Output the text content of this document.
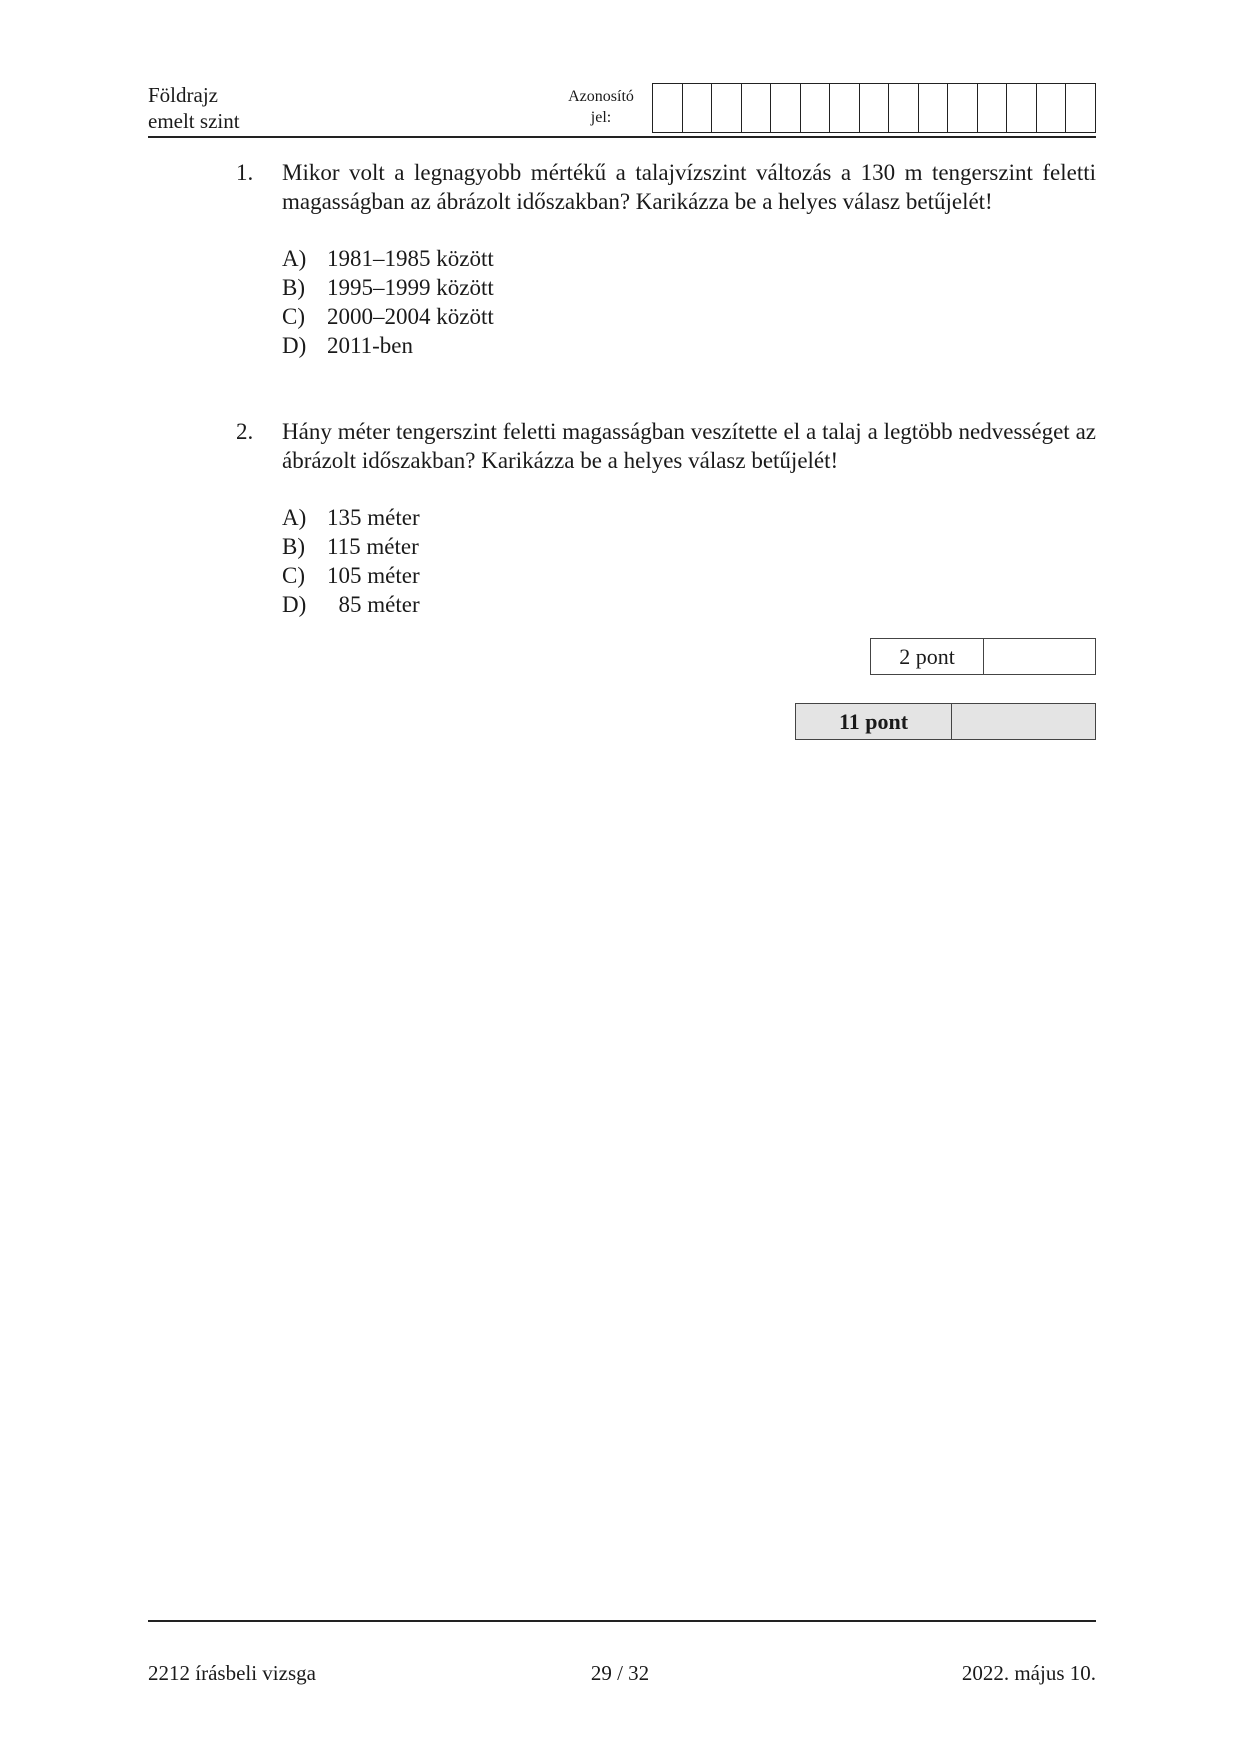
Földrajz
emelt szint
Azonosító
jel:
1.	Mikor volt a legnagyobb mértékű a talajvízszint változás a 130 m tengerszint feletti magasságban az ábrázolt időszakban? Karikázza be a helyes válasz betűjelét!
A) 1981–1985 között
B) 1995–1999 között
C) 2000–2004 között
D) 2011-ben
2.	Hány méter tengerszint feletti magasságban veszítette el a talaj a legtöbb nedvességet az ábrázolt időszakban? Karikázza be a helyes válasz betűjelét!
A) 135 méter
B) 115 méter
C) 105 méter
D) 85 méter
2 pont
11 pont
2212 írásbeli vizsga	29 / 32	2022. május 10.
